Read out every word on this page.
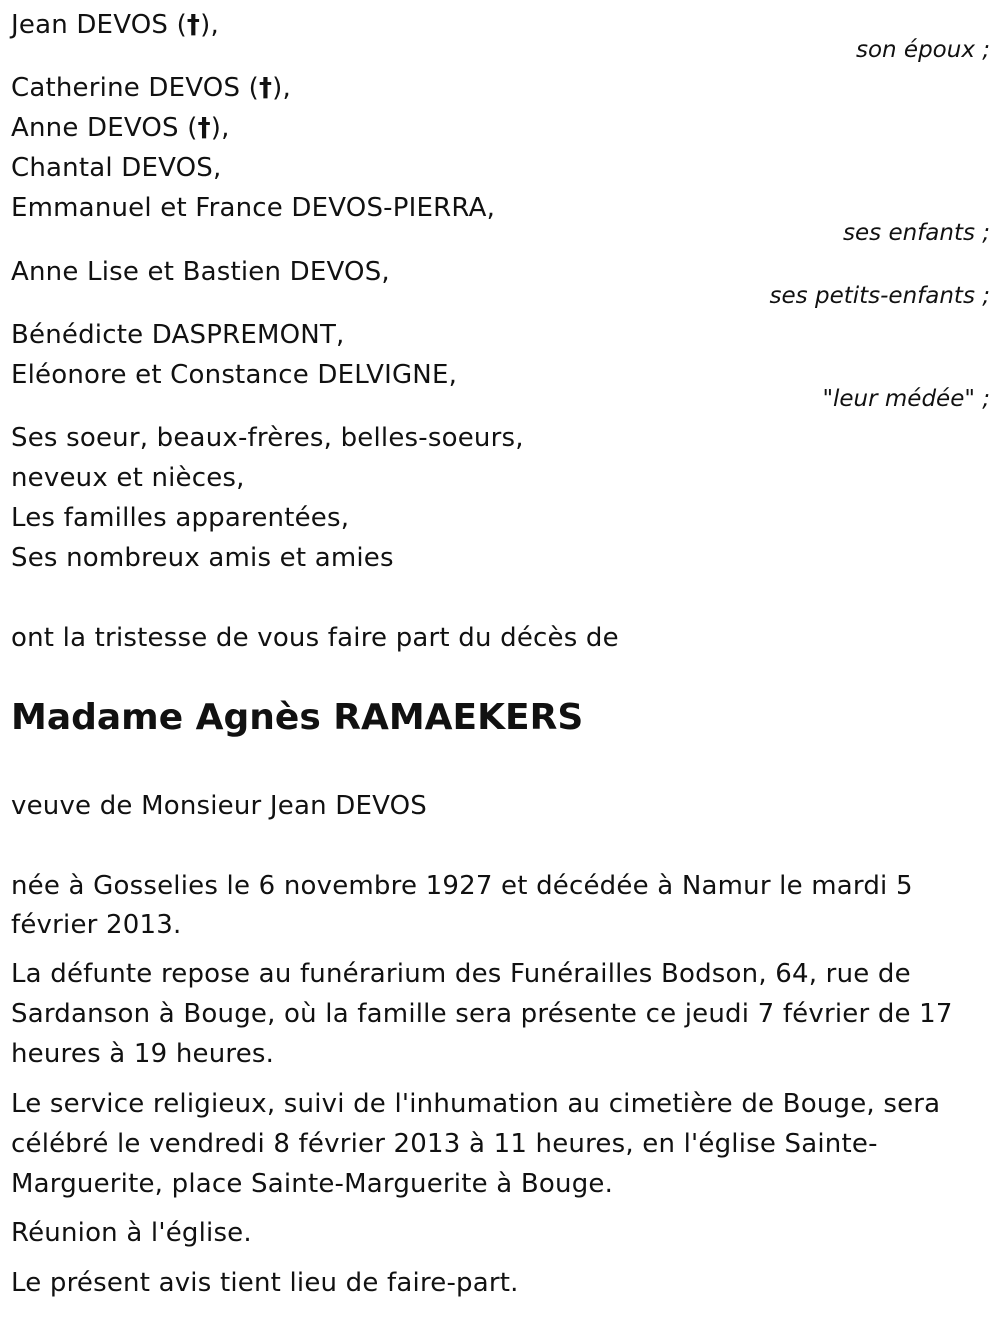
Jean DEVOS (†),
son époux ;
Catherine DEVOS (†),
Anne DEVOS (†),
Chantal DEVOS,
Emmanuel et France DEVOS-PIERRA,
ses enfants ;
Anne Lise et Bastien DEVOS,
ses petits-enfants ;
Bénédicte DASPREMONT,
Eléonore et Constance DELVIGNE,
"leur médée" ;
Ses soeur, beaux-frères, belles-soeurs,
neveux et nièces,
Les familles apparentées,
Ses nombreux amis et amies
ont la tristesse de vous faire part du décès de
Madame Agnès RAMAEKERS
veuve de Monsieur Jean DEVOS
née à Gosselies le 6 novembre 1927 et décédée à Namur le mardi 5
février 2013.
La défunte repose au funérarium des Funérailles Bodson, 64, rue de
Sardanson à Bouge, où la famille sera présente ce jeudi 7 février de 17
heures à 19 heures.
Le service religieux, suivi de l'inhumation au cimetière de Bouge, sera
célébré le vendredi 8 février 2013 à 11 heures, en l'église Sainte-
Marguerite, place Sainte-Marguerite à Bouge.
Réunion à l'église.
Le présent avis tient lieu de faire-part.
